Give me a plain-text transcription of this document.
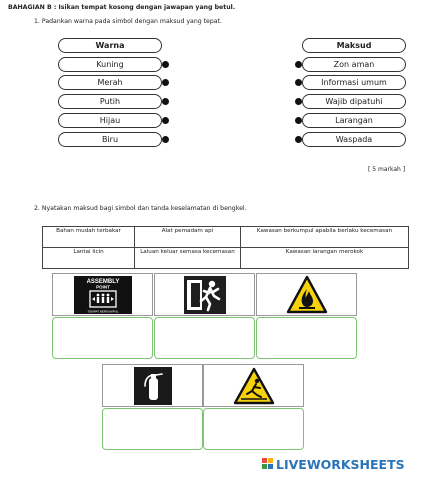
BAHAGIAN B : Isikan tempat kosong dengan jawapan yang betul.
1. Padankan warna pada simbol dengan maksud yang tepat.
Warna
Kuning
Merah
Putih
Hijau
Biru
Maksud
Zon aman
Informasi umum
Wajib dipatuhi
Larangan
Waspada
[ 5 markah ]
2. Nyatakan maksud bagi simbol dan tanda keselamatan di bengkel.
Bahan mudah terbakar	Alat pemadam api	Kawasan berkumpul apabila berlaku kecemasan
Lantai licin	Laluan keluar semasa kecemasan	Kawasan larangan merokok
ASSEMBLY
POINT
TEMPAT BERKUMPUL
LIVEWORKSHEETS
